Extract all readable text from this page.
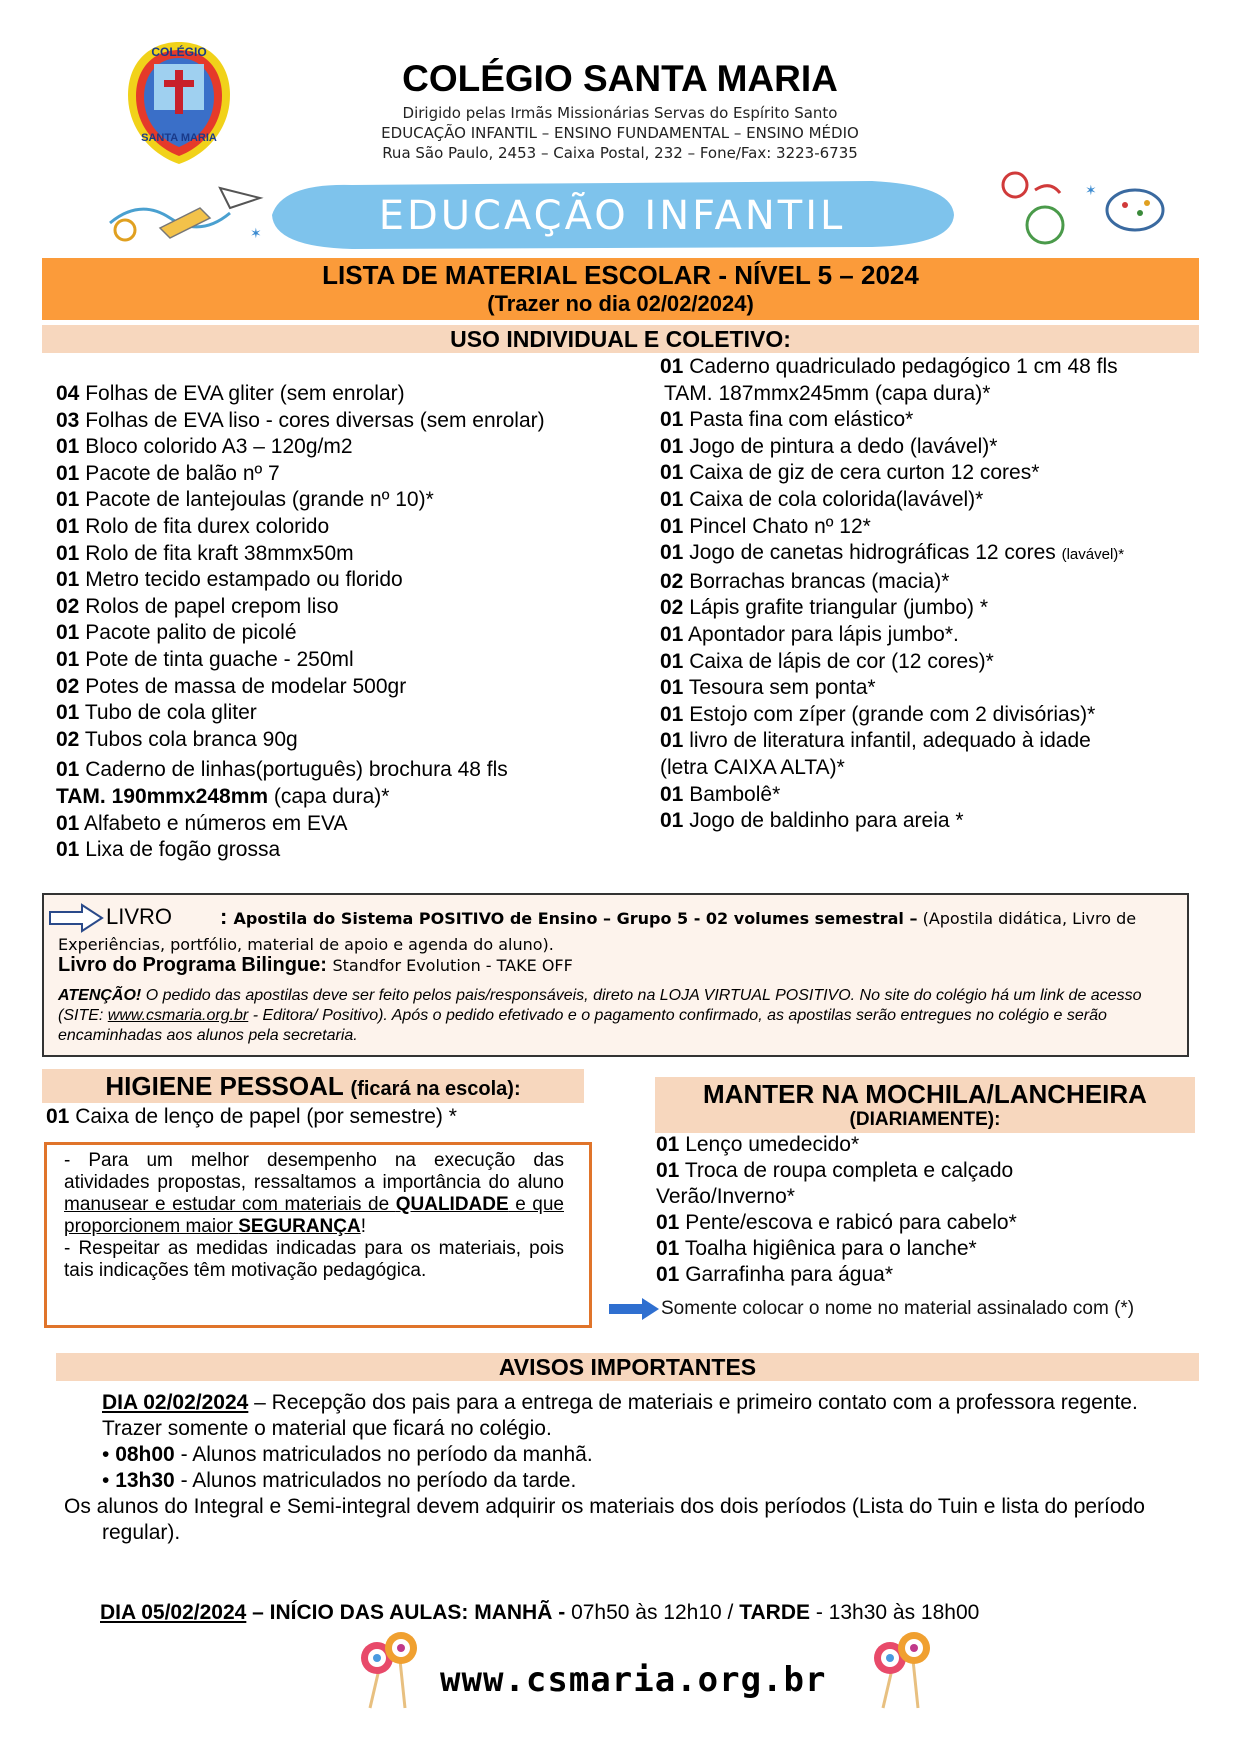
COLÉGIO
SANTA MARIA
COLÉGIO SANTA MARIA
Dirigido pelas Irmãs Missionárias Servas do Espírito Santo
EDUCAÇÃO INFANTIL – ENSINO FUNDAMENTAL – ENSINO MÉDIO
Rua São Paulo, 2453 – Caixa Postal, 232 – Fone/Fax: 3223-6735
✶	EDUCAÇÃO INFANTIL
✶
LISTA DE MATERIAL ESCOLAR - NÍVEL 5 – 2024
(Trazer no dia 02/02/2024)
USO INDIVIDUAL E COLETIVO:
04 Folhas de EVA gliter (sem enrolar)
03 Folhas de EVA liso - cores diversas (sem enrolar)
01 Bloco colorido A3 – 120g/m2
01 Pacote de balão nº 7
01 Pacote de lantejoulas (grande nº 10)*
01 Rolo de fita durex colorido
01 Rolo de fita kraft 38mmx50m
01 Metro tecido estampado ou florido
02 Rolos de papel crepom liso
01 Pacote palito de picolé
01 Pote de tinta guache - 250ml
02 Potes de massa de modelar 500gr
01 Tubo de cola gliter
02 Tubos cola branca 90g
01 Caderno de linhas(português) brochura 48 fls
TAM. 190mmx248mm (capa dura)*
01 Alfabeto e números em EVA
01 Lixa de fogão grossa
01 Caderno quadriculado pedagógico 1 cm 48 fls
TAM. 187mmx245mm (capa dura)*
01 Pasta fina com elástico*
01 Jogo de pintura a dedo (lavável)*
01 Caixa de giz de cera curton 12 cores*
01 Caixa de cola colorida(lavável)*
01 Pincel Chato nº 12*
01 Jogo de canetas hidrográficas 12 cores (lavável)*
02 Borrachas brancas (macia)*
02 Lápis grafite triangular (jumbo) *
01 Apontador para lápis jumbo*.
01 Caixa de lápis de cor (12 cores)*
01 Tesoura sem ponta*
01 Estojo com zíper (grande com 2 divisórias)*
01 livro de literatura infantil, adequado à idade
(letra CAIXA ALTA)*
01 Bambolê*
01 Jogo de baldinho para areia *
LIVRO : Apostila do Sistema POSITIVO de Ensino – Grupo 5 - 02 volumes semestral – (Apostila didática, Livro de Experiências, portfólio, material de apoio e agenda do aluno).
Livro do Programa Bilingue: Standfor Evolution - TAKE OFF
ATENÇÃO! O pedido das apostilas deve ser feito pelos pais/responsáveis, direto na LOJA VIRTUAL POSITIVO. No site do colégio há um link de acesso (SITE: www.csmaria.org.br - Editora/ Positivo). Após o pedido efetivado e o pagamento confirmado, as apostilas serão entregues no colégio e serão encaminhadas aos alunos pela secretaria.
HIGIENE PESSOAL (ficará na escola):
01 Caixa de lenço de papel (por semestre) *
- Para um melhor desempenho na execução das atividades propostas, ressaltamos a importância do aluno manusear e estudar com materiais de QUALIDADE e que proporcionem maior SEGURANÇA!
- Respeitar as medidas indicadas para os materiais, pois tais indicações têm motivação pedagógica.
MANTER NA MOCHILA/LANCHEIRA
(DIARIAMENTE):
01 Lenço umedecido*
01 Troca de roupa completa e calçado Verão/Inverno*
01 Pente/escova e rabicó para cabelo*
01 Toalha higiênica para o lanche*
01 Garrafinha para água*
Somente colocar o nome no material assinalado com (*)
AVISOS IMPORTANTES
DIA 02/02/2024 – Recepção dos pais para a entrega de materiais e primeiro contato com a professora regente. Trazer somente o material que ficará no colégio.
• 08h00 - Alunos matriculados no período da manhã.
• 13h30 - Alunos matriculados no período da tarde.
Os alunos do Integral e Semi-integral devem adquirir os materiais dos dois períodos (Lista do Tuin e lista do período regular).
DIA 05/02/2024 – INÍCIO DAS AULAS: MANHÃ - 07h50 às 12h10 / TARDE - 13h30 às 18h00
www.csmaria.org.br
